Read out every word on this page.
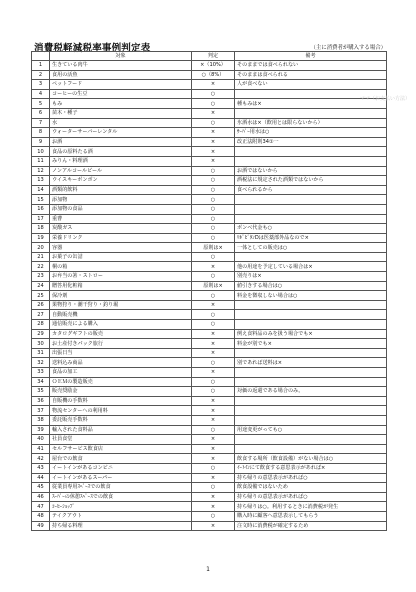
消費税軽減税率事例判定表	（主に消費者が購入する場合）
	対象	判定	備考
1	生きている肉牛	×（10%）	そのままでは食べられない
2	食用の活魚	○（8%）	そのままは食べられる
3	ペットフード	×	人が食べない
4	コーヒーの生豆	○	
5	もみ	○	種もみは×
6	苗木・種子	×	
7	水	○	氷酒水は×（飲用とは限らないから）
8	ウォーターサーバーレンタル	×	ｻｰﾊﾞｰ用水は○
9	お酒	×	改正法附則34①一
10	食品の原料たる酒	×	
11	みりん・料理酒	×	
12	ノンアルコールビール	○	お酒ではないから
13	ウイスキーボンボン	○	酒税法に規定された酒類ではないから
14	酒類的飲料	○	食べられるから
15	添加物	○	
16	添加物の食品	○	
17	重曹	○	
18	炭酸ガス	○	ボンベ代金も○
19	栄養ドリンク	○	ﾘﾎﾟﾋﾞﾀﾝDは医薬部外品なので×
20	容器	原則は×	一体としての販売は○
21	お菓子の缶詰	○	
22	桐の箱	×	他の用途を予定している場合は×
23	お弁当の箸・ストロー	○	別売りは×
24	贈答用化粧箱	原則は×	値引きする場合は○
25	保冷剤	○	料金を徴収しない場合は○
26	果物狩り・潮干狩り・釣り堀	×	
27	自動販売機	○	
28	通信販売による購入	○	
29	カタログギフトの販売	×	例え食料品のみを扱う場合でも×
30	お土産付きパック旅行	×	料金が別でも×
31	出張日当	×	
32	送料込み商品	○	別であれば送料は×
33	食品の加工	×	
34	ＯＥＭの製造販売	○	
35	販売奨励金	○	対価の返還である場合のみ。
36	自販機の手数料	×	
37	物流センターへの利用料	×	
38	委託販売手数料	×	
39	輸入された食料品	○	用途変更がっても○
40	社員食堂	×	
41	セルフサービス飲食店	×	
42	屋台での飲食	×	飲食する場所（飲食設備）がない場合は○
43	イートインがあるコンビニ	○	ｲｰﾄｲﾝにて飲食する意思表示があれば×
44	イートインがあるスーパー	×	持ち帰りの意思表示があれば○
45	従業員専用ｽﾍﾟｰｽでの飲食	○	飲食設備ではないため
46	ｽｰﾊﾟｰの休憩ｽﾍﾟｰｽでの飲食	×	持ち帰りの意思表示があれば○
47	ｺｰﾋｰｼｮｯﾌﾟ	×	持ち帰りは○。利用するときに消費税が発生
48	テイクアウト	○	購入時に顧客へ意思表示してもらう
49	持ち帰る料理	×	注文時に消費税が確定するため
ママ（お支払い方法）
1
